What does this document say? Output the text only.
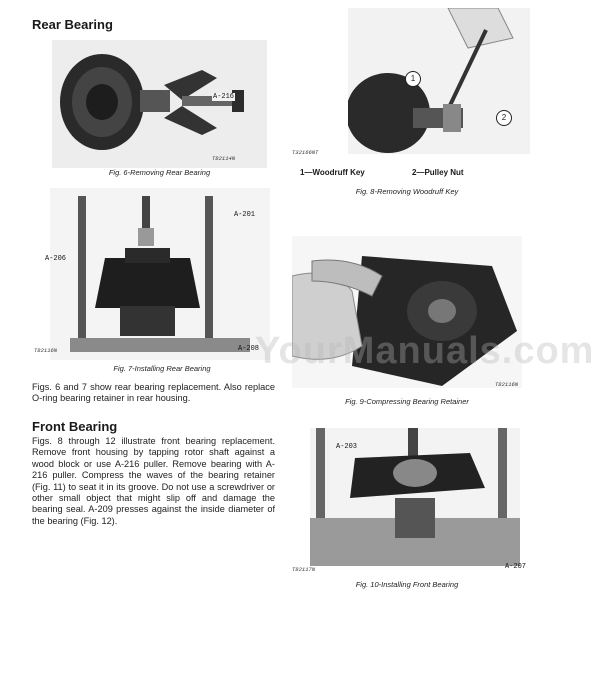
Rear Bearing
A-216
T82114N
Fig. 6-Removing Rear Bearing
A-201
A-206
A-208
T82116N
Fig. 7-Installing Rear Bearing
Figs. 6 and 7 show rear bearing replacement. Also replace O-ring bearing retainer in rear housing.
Front Bearing
Figs. 8 through 12 illustrate front bearing replacement. Remove front housing by tapping rotor shaft against a wood block or use A-216 puller. Remove bearing with A-216 puller. Compress the waves of the bearing retainer (Fig. 11) to seat it in its groove. Do not use a screwdriver or other small object that might slip off and damage the bearing seal. A-209 presses against the inside diameter of the bearing (Fig. 12).
1
2
T32166NT
1—Woodruff Key	2—Pulley Nut
Fig. 8-Removing Woodruff Key
T82116N
Fig. 9-Compressing Bearing Retainer
A-203
A-207
T82117N
Fig. 10-Installing Front Bearing
YourManuals.com
